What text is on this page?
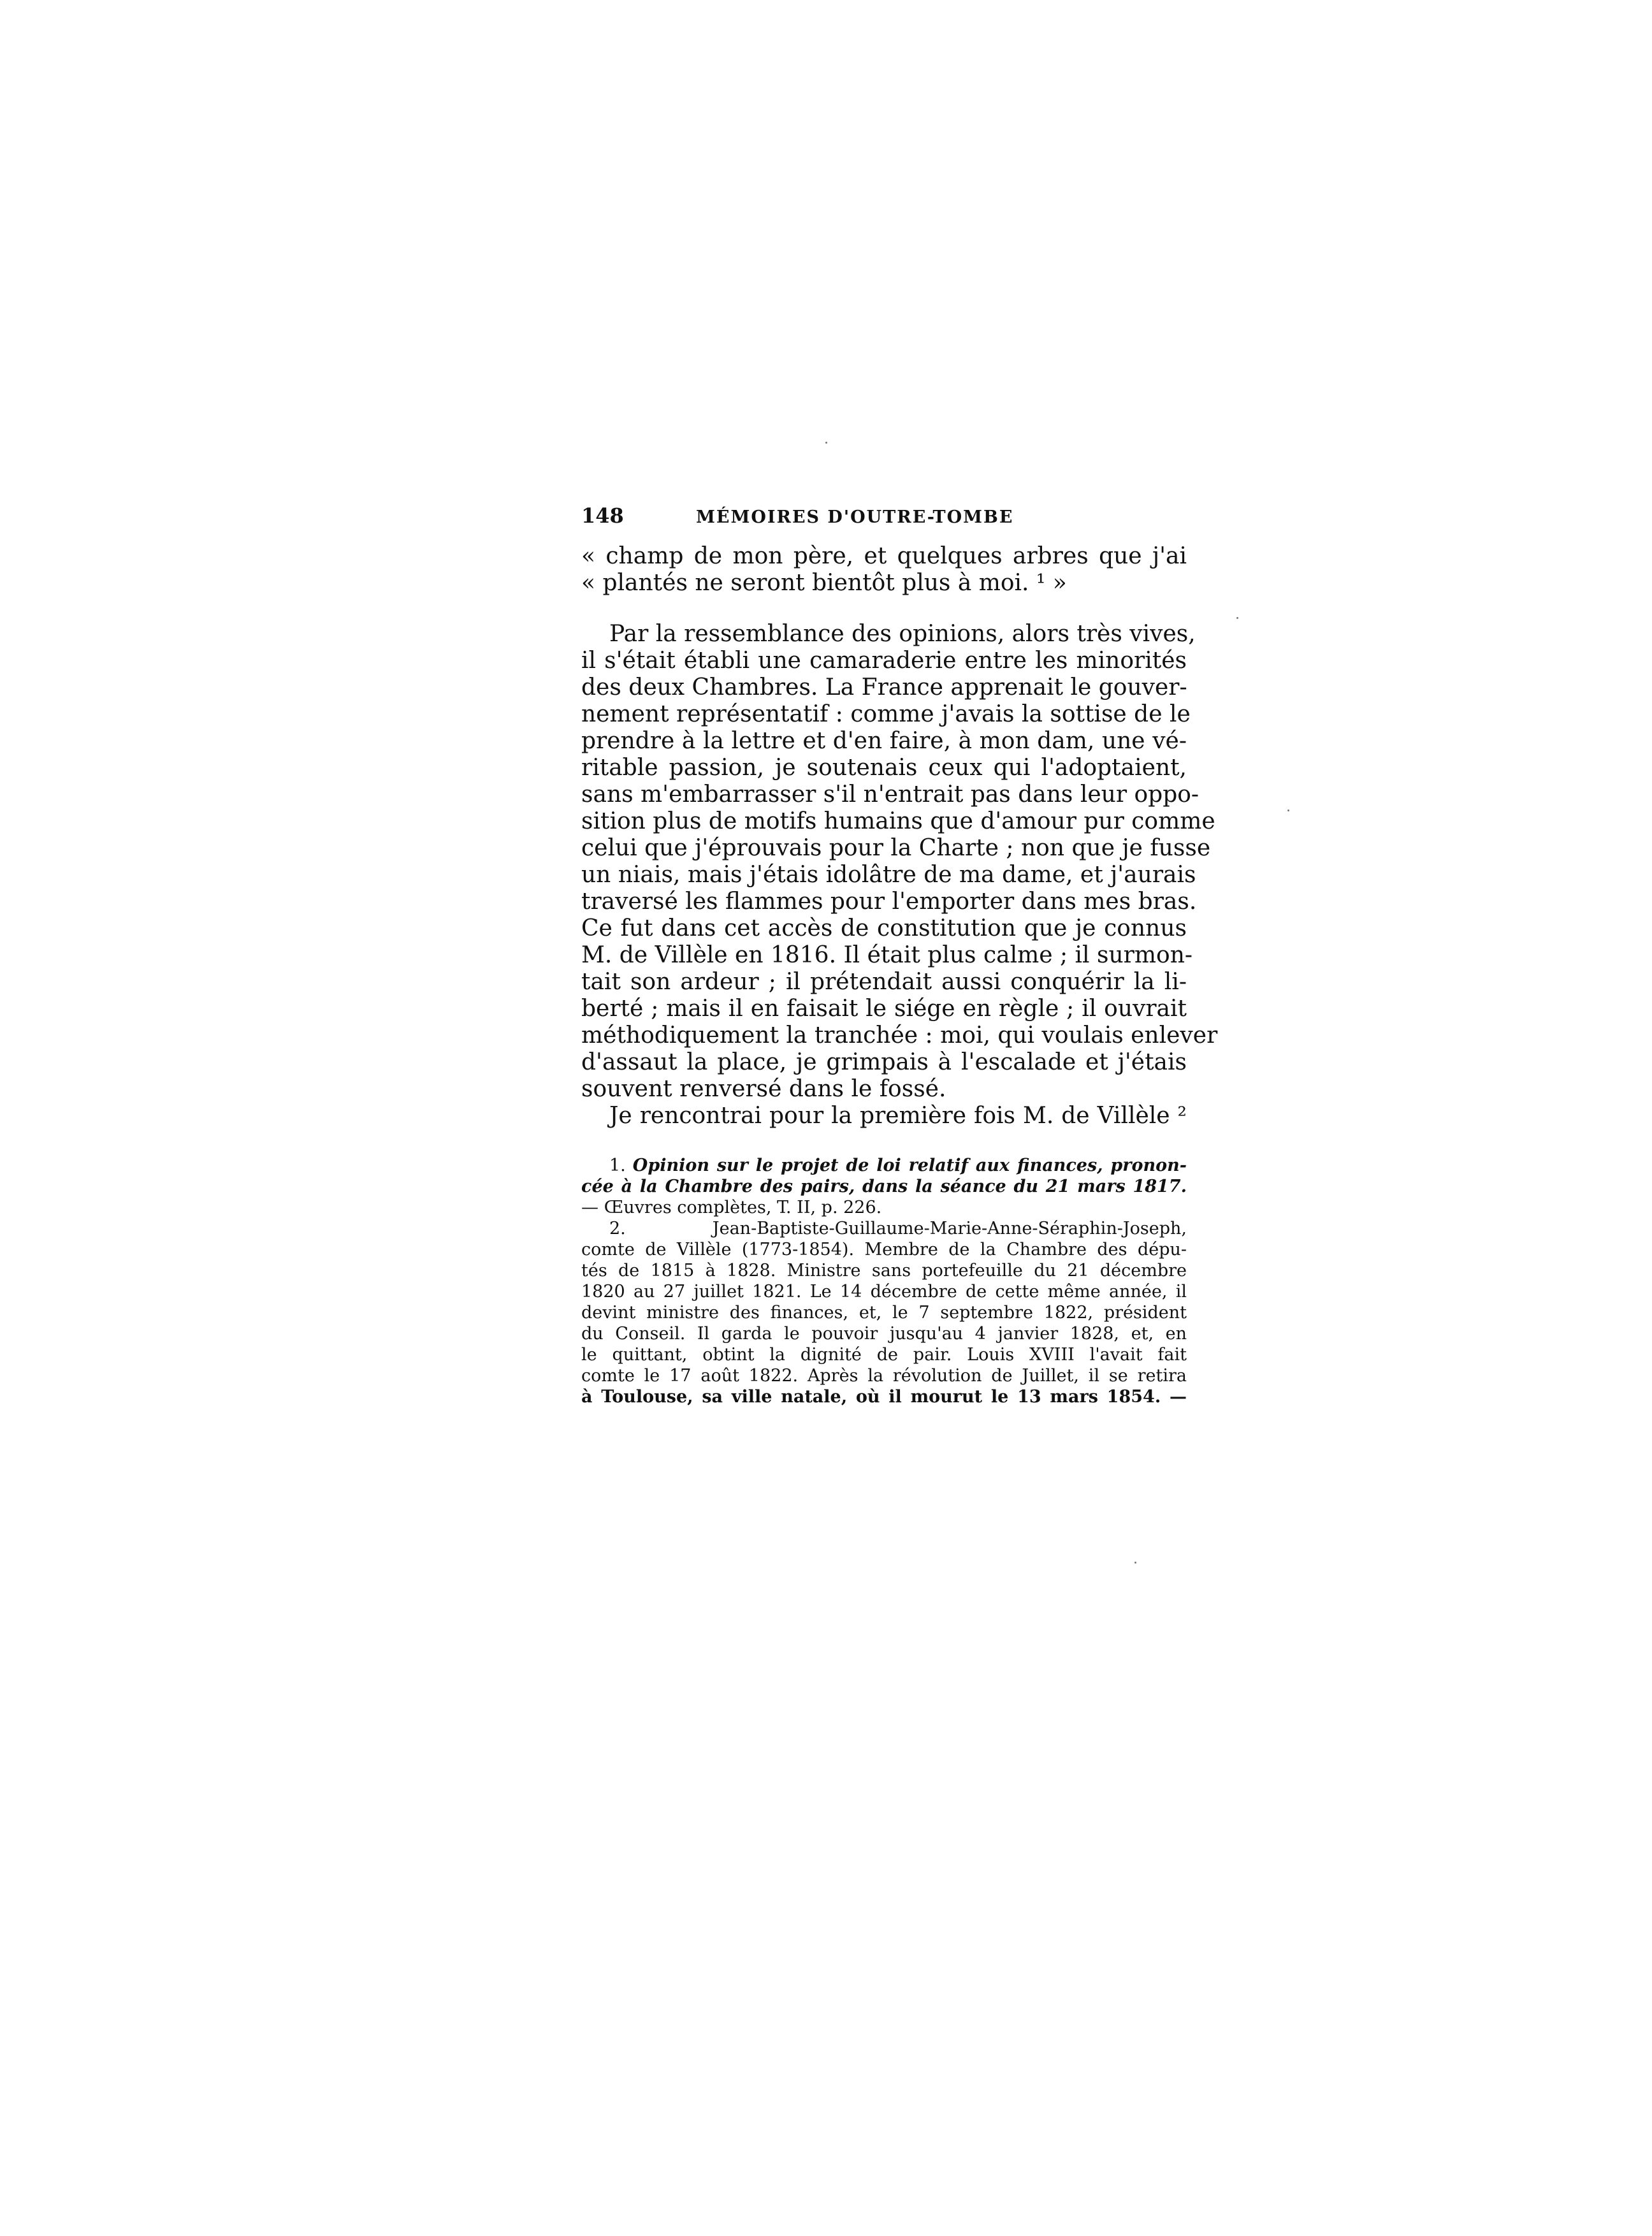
148	MÉMOIRES D'OUTRE-TOMBE
« champ de mon père, et quelques arbres que j'ai
« plantés ne seront bientôt plus à moi. ¹ »
Par la ressemblance des opinions, alors très vives,
il s'était établi une camaraderie entre les minorités
des deux Chambres. La France apprenait le gouver-
nement représentatif : comme j'avais la sottise de le
prendre à la lettre et d'en faire, à mon dam, une vé-
ritable passion, je soutenais ceux qui l'adoptaient,
sans m'embarrasser s'il n'entrait pas dans leur oppo-
sition plus de motifs humains que d'amour pur comme
celui que j'éprouvais pour la Charte ; non que je fusse
un niais, mais j'étais idolâtre de ma dame, et j'aurais
traversé les flammes pour l'emporter dans mes bras.
Ce fut dans cet accès de constitution que je connus
M. de Villèle en 1816. Il était plus calme ; il surmon-
tait son ardeur ; il prétendait aussi conquérir la li-
berté ; mais il en faisait le siége en règle ; il ouvrait
méthodiquement la tranchée : moi, qui voulais enlever
d'assaut la place, je grimpais à l'escalade et j'étais
souvent renversé dans le fossé.
Je rencontrai pour la première fois M. de Villèle ²
1. Opinion sur le projet de loi relatif aux finances, pronon-
cée à la Chambre des pairs, dans la séance du 21 mars 1817.
— Œuvres complètes, T. II, p. 226.
2. Jean-Baptiste-Guillaume-Marie-Anne-Séraphin-Joseph,
comte de Villèle (1773-1854). Membre de la Chambre des dépu-
tés de 1815 à 1828. Ministre sans portefeuille du 21 décembre
1820 au 27 juillet 1821. Le 14 décembre de cette même année, il
devint ministre des finances, et, le 7 septembre 1822, président
du Conseil. Il garda le pouvoir jusqu'au 4 janvier 1828, et, en
le quittant, obtint la dignité de pair. Louis XVIII l'avait fait
comte le 17 août 1822. Après la révolution de Juillet, il se retira
à Toulouse, sa ville natale, où il mourut le 13 mars 1854. —
